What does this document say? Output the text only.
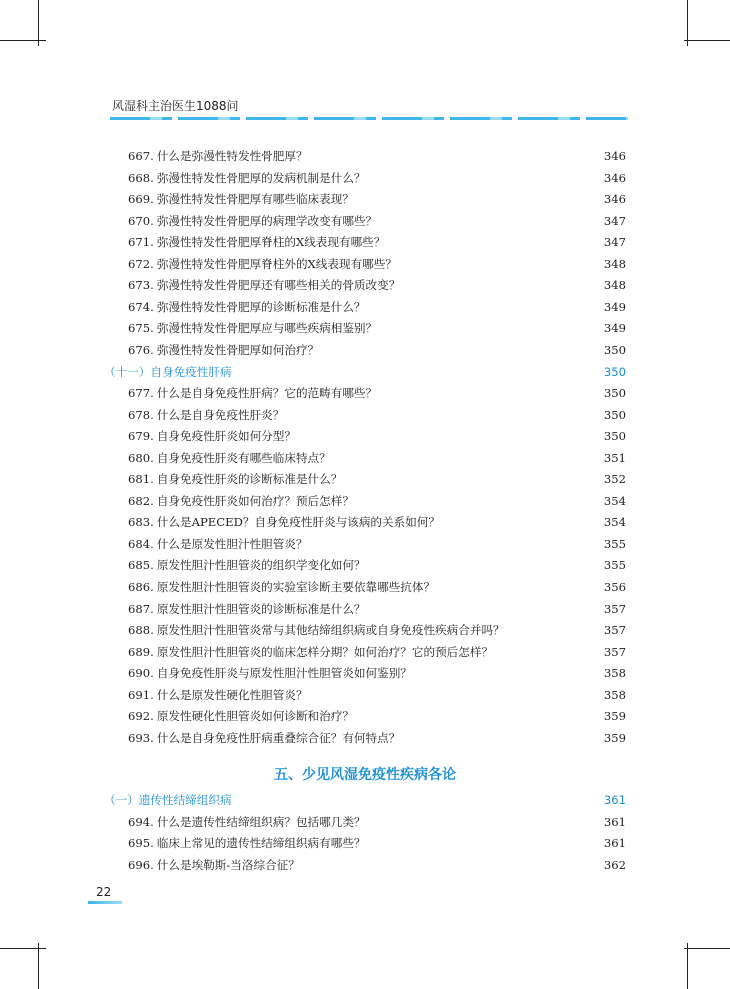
风湿科主治医生1088问
667. 什么是弥漫性特发性骨肥厚？	346
668. 弥漫性特发性骨肥厚的发病机制是什么？	346
669. 弥漫性特发性骨肥厚有哪些临床表现？	346
670. 弥漫性特发性骨肥厚的病理学改变有哪些？	347
671. 弥漫性特发性骨肥厚脊柱的X线表现有哪些？	347
672. 弥漫性特发性骨肥厚脊柱外的X线表现有哪些？	348
673. 弥漫性特发性骨肥厚还有哪些相关的骨质改变？	348
674. 弥漫性特发性骨肥厚的诊断标准是什么？	349
675. 弥漫性特发性骨肥厚应与哪些疾病相鉴别？	349
676. 弥漫性特发性骨肥厚如何治疗？	350
（十一） 自身免疫性肝病	350
677. 什么是自身免疫性肝病？它的范畴有哪些？	350
678. 什么是自身免疫性肝炎？	350
679. 自身免疫性肝炎如何分型？	350
680. 自身免疫性肝炎有哪些临床特点？	351
681. 自身免疫性肝炎的诊断标准是什么？	352
682. 自身免疫性肝炎如何治疗？预后怎样？	354
683. 什么是APECED？自身免疫性肝炎与该病的关系如何？	354
684. 什么是原发性胆汁性胆管炎？	355
685. 原发性胆汁性胆管炎的组织学变化如何？	355
686. 原发性胆汁性胆管炎的实验室诊断主要依靠哪些抗体？	356
687. 原发性胆汁性胆管炎的诊断标准是什么？	357
688. 原发性胆汁性胆管炎常与其他结缔组织病或自身免疫性疾病合并吗？	357
689. 原发性胆汁性胆管炎的临床怎样分期？如何治疗？它的预后怎样？	357
690. 自身免疫性肝炎与原发性胆汁性胆管炎如何鉴别？	358
691. 什么是原发性硬化性胆管炎？	358
692. 原发性硬化性胆管炎如何诊断和治疗？	359
693. 什么是自身免疫性肝病重叠综合征？有何特点？	359
（一） 遗传性结缔组织病	361
694. 什么是遗传性结缔组织病？包括哪几类？	361
695. 临床上常见的遗传性结缔组织病有哪些？	361
696. 什么是埃勒斯-当洛综合征？	362
五、少见风湿免疫性疾病各论
22
